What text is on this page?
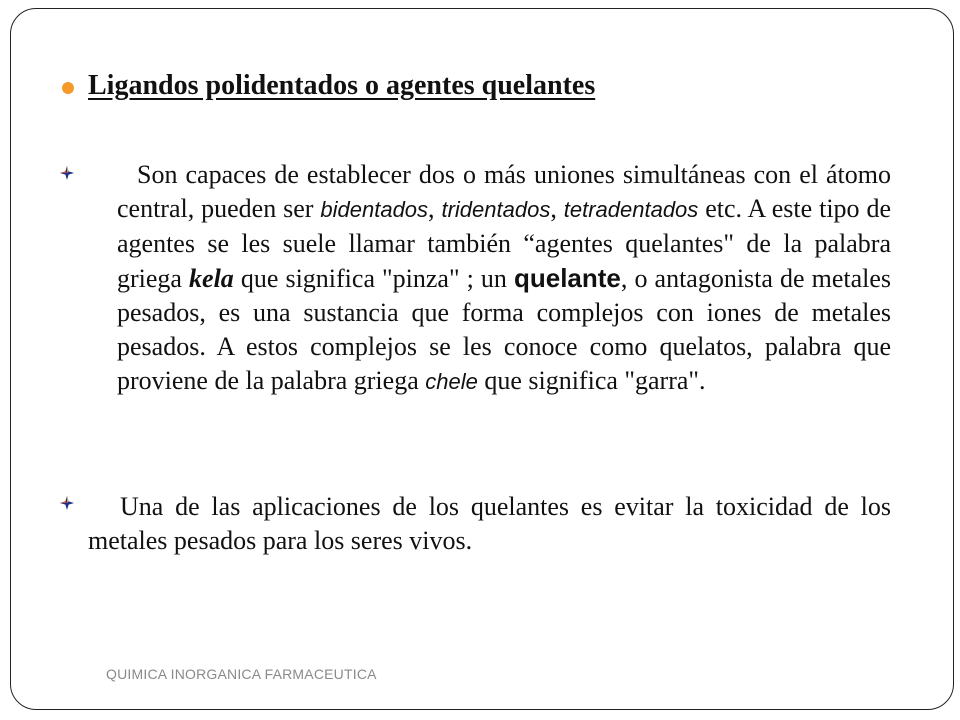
Ligandos polidentados o agentes quelantes
Son capaces de establecer dos o más uniones simultáneas con el átomo central, pueden ser bidentados, tridentados, tetradentados etc. A este tipo de agentes se les suele llamar también “agentes quelantes" de la palabra griega kela que significa "pinza" ; un quelante, o antagonista de metales pesados, es una sustancia que forma complejos con iones de metales pesados. A estos complejos se les conoce como quelatos, palabra que proviene de la palabra griega chele que significa "garra".
Una de las aplicaciones de los quelantes es evitar la toxicidad de los metales pesados para los seres vivos.
QUIMICA INORGANICA FARMACEUTICA
